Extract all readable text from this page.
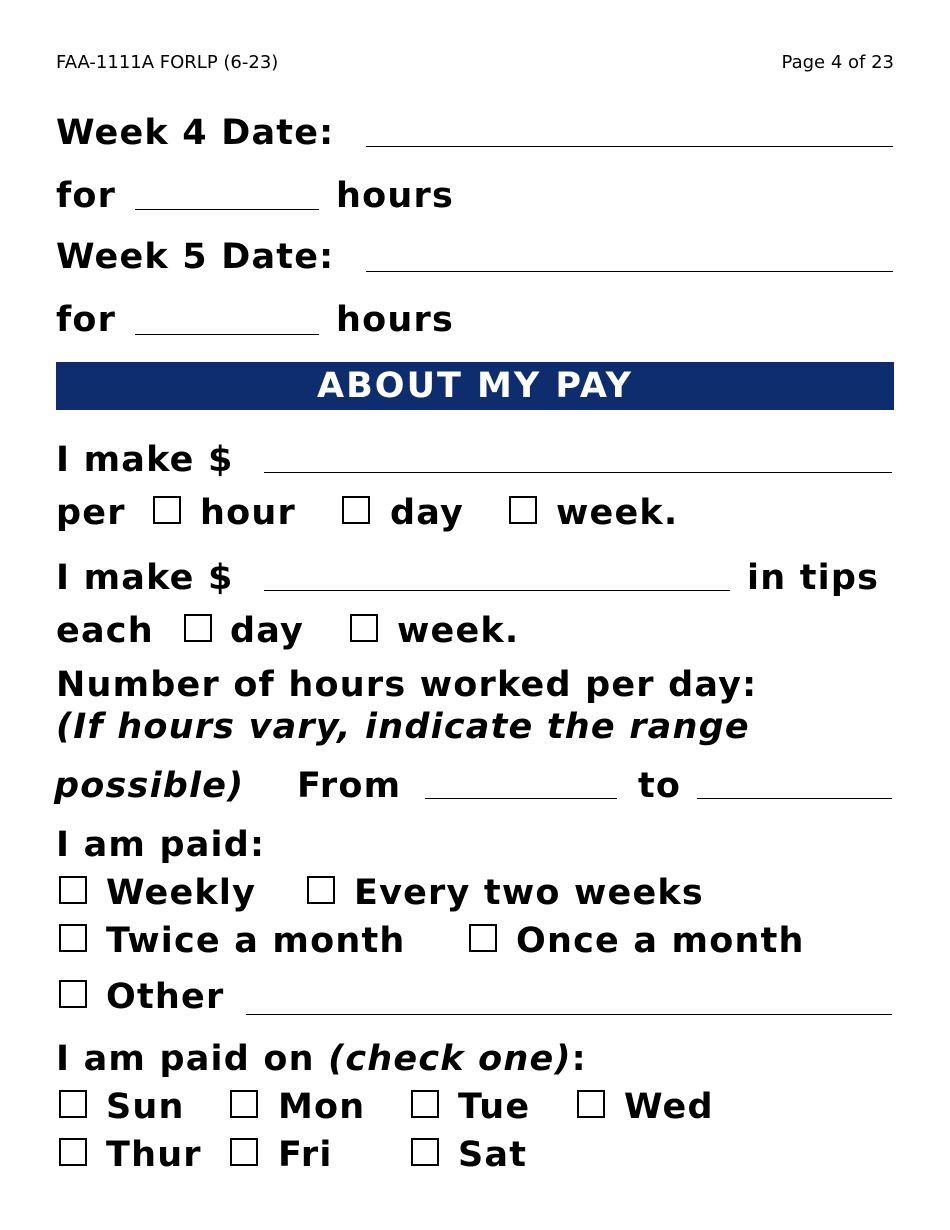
FAA-1111A FORLP (6-23)	Page 4 of 23
Week 4 Date:
for	hours
Week 5 Date:
for	hours
ABOUT MY PAY
I make $
per hour	day	week.
I make $	in tips
each day	week.
Number of hours worked per day:
(If hours vary, indicate the range
possible) From	to
I am paid:
Weekly	Every two weeks
Twice a month	Once a month
Other
I am paid on (check one):
Sun	Mon	Tue	Wed
Thur Fri	Sat
